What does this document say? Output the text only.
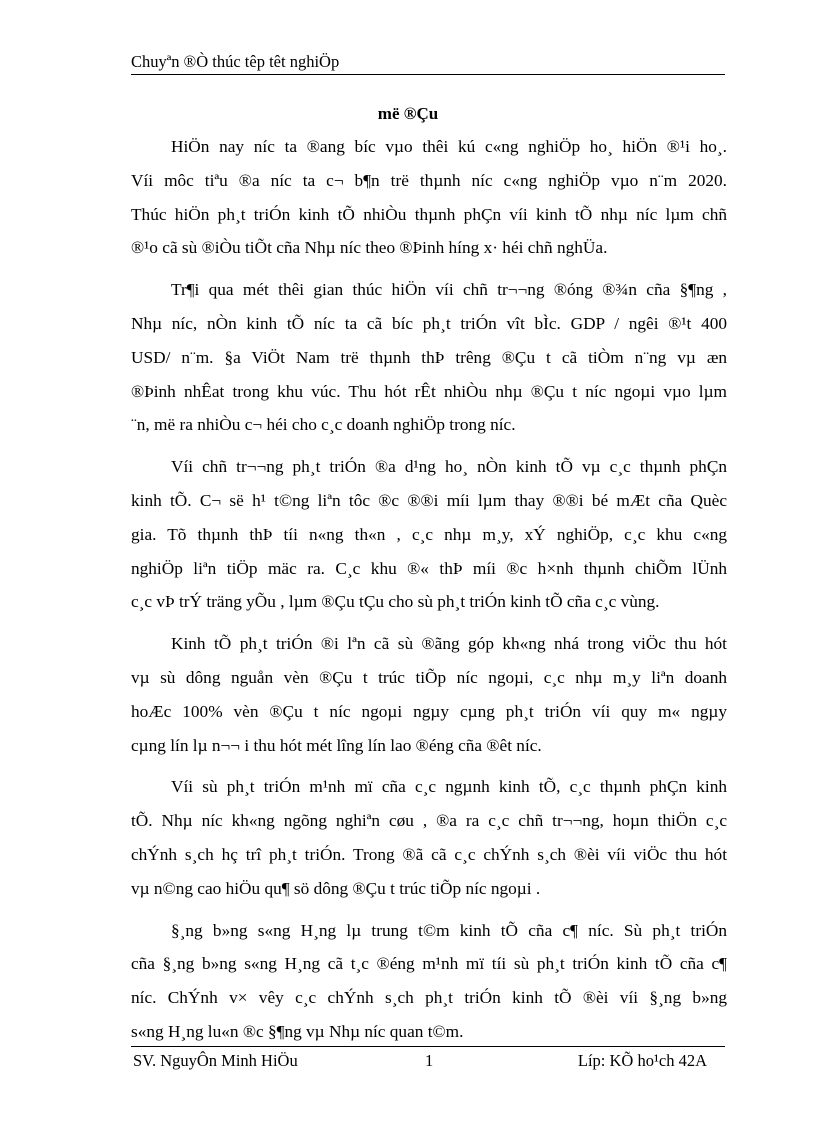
Chuyªn ®Ò thúc têp têt nghiÖp
më ®Çu
HiÖn nay níc ta ®ang bíc vµo thêi kú c«ng nghiÖp ho¸ hiÖn ®¹i ho¸.
Víi môc tiªu ®a níc ta c¬ b¶n trë thµnh níc c«ng nghiÖp vµo n¨m 2020.
Thúc hiÖn ph¸t triÓn kinh tÕ nhiÒu thµnh phÇn víi kinh tÕ nhµ níc lµm chñ
®¹o cã sù ®iÒu tiÕt cña Nhµ níc theo ®Þinh híng x· héi chñ nghÜa.
Tr¶i qua mét thêi gian thúc hiÖn víi chñ tr¬¬ng ®óng ®¾n cña §¶ng ,
Nhµ níc, nÒn kinh tÕ níc ta cã bíc ph¸t triÓn vît bÌc. GDP / ngêi ®¹t 400
USD/ n¨m. §a ViÖt Nam trë thµnh thÞ trêng ®Çu t cã tiÒm n¨ng vµ æn
®Þinh nhÊat trong khu vúc. Thu hót rÊt nhiÒu nhµ ®Çu t níc ngoµi vµo lµm
¨n, më ra nhiÒu c¬ héi cho c¸c doanh nghiÖp trong níc.
Víi chñ tr¬¬ng ph¸t triÓn ®a d¹ng ho¸ nÒn kinh tÕ vµ c¸c thµnh phÇn
kinh tÕ. C¬ së h¹ t©ng liªn tôc ®c ®®i míi lµm thay ®®i bé mÆt cña Quèc
gia. Tõ thµnh thÞ tíi n«ng th«n , c¸c nhµ m¸y, xÝ nghiÖp, c¸c khu c«ng
nghiÖp liªn tiÖp mäc ra. C¸c khu ®« thÞ míi ®c h×nh thµnh chiÕm lÜnh
c¸c vÞ trÝ träng yÕu , lµm ®Çu tÇu cho sù ph¸t triÓn kinh tÕ cña c¸c vùng.
Kinh tÕ ph¸t triÓn ®i lªn cã sù ®ãng góp kh«ng nhá trong viÖc thu hót
vµ sù dông nguån vèn ®Çu t trúc tiÕp níc ngoµi, c¸c nhµ m¸y liªn doanh
hoÆc 100% vèn ®Çu t níc ngoµi ngµy cµng ph¸t triÓn víi quy m« ngµy
cµng lín lµ n¬¬ i thu hót mét lîng lín lao ®éng cña ®êt níc.
Víi sù ph¸t triÓn m¹nh mï cña c¸c ngµnh kinh tÕ, c¸c thµnh phÇn kinh
tÕ. Nhµ níc kh«ng ngõng nghiªn cøu , ®a ra c¸c chñ tr¬¬ng, hoµn thiÖn c¸c
chÝnh s¸ch hç trî ph¸t triÓn. Trong ®ã cã c¸c chÝnh s¸ch ®èi víi viÖc thu hót
vµ n©ng cao hiÖu qu¶ sö dông ®Çu t trúc tiÕp níc ngoµi .
§¸ng b»ng s«ng H¸ng lµ trung t©m kinh tÕ cña c¶ níc. Sù ph¸t triÓn
cña §¸ng b»ng s«ng H¸ng cã t¸c ®éng m¹nh mï tíi sù ph¸t triÓn kinh tÕ cña c¶
níc. ChÝnh v× vêy c¸c chÝnh s¸ch ph¸t triÓn kinh tÕ ®èi víi §¸ng b»ng
s«ng H¸ng lu«n ®c §¶ng vµ Nhµ níc quan t©m.
SV. NguyÔn Minh HiÖu	1	Líp: KÕ ho¹ch 42A
